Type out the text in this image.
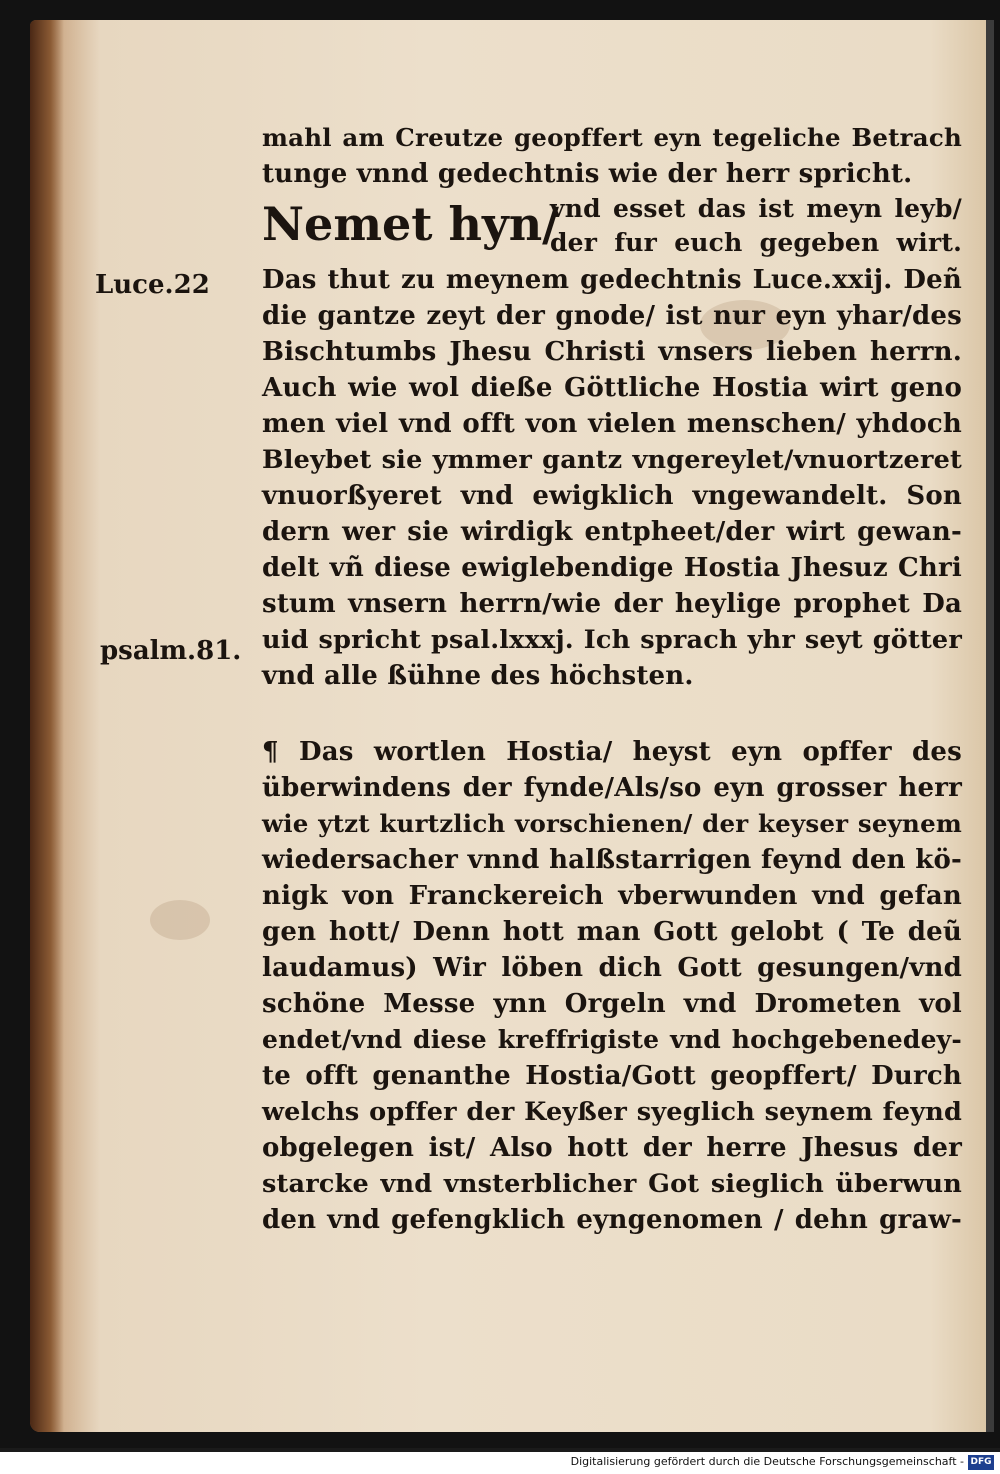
Luce.22
psalm.81.
mahl am Creutze geopffert eyn tegeliche Betrach
tunge vnnd gedechtnis wie der herr spricht.
Nemet hyn/
vnd esset das ist meyn leyb/
der fur euch gegeben wirt.
Das thut zu meynem gedechtnis Luce.xxij. Deñ
die gantze zeyt der gnode/ ist nur eyn yhar/des
Bischtumbs Jhesu Christi vnsers lieben herrn.
Auch wie wol dieße Göttliche Hostia wirt geno
men viel vnd offt von vielen menschen/ yhdoch
Bleybet sie ymmer gantz vngereylet/vnuortzeret
vnuorßyeret vnd ewigklich vngewandelt. Son
dern wer sie wirdigk entpheet/der wirt gewan-
delt vñ diese ewiglebendige Hostia Jhesuz Chri
stum vnsern herrn/wie der heylige prophet Da
uid spricht psal.lxxxj. Ich sprach yhr seyt götter
vnd alle ßühne des höchsten.
¶ Das wortlen Hostia/ heyst eyn opffer des
überwindens der fynde/Als/so eyn grosser herr
wie ytzt kurtzlich vorschienen/ der keyser seynem
wiedersacher vnnd halßstarrigen feynd den kö-
nigk von Franckereich vberwunden vnd gefan
gen hott/ Denn hott man Gott gelobt ( Te deũ
laudamus) Wir löben dich Gott gesungen/vnd
schöne Messe ynn Orgeln vnd Drometen vol
endet/vnd diese kreffrigiste vnd hochgebenedey-
te offt genanthe Hostia/Gott geopffert/ Durch
welchs opffer der Keyßer syeglich seynem feynd
obgelegen ist/ Also hott der herre Jhesus der
starcke vnd vnsterblicher Got sieglich überwun
den vnd gefengklich eyngenomen / dehn graw-
Digitalisierung gefördert durch die Deutsche Forschungsgemeinschaft - DFG
